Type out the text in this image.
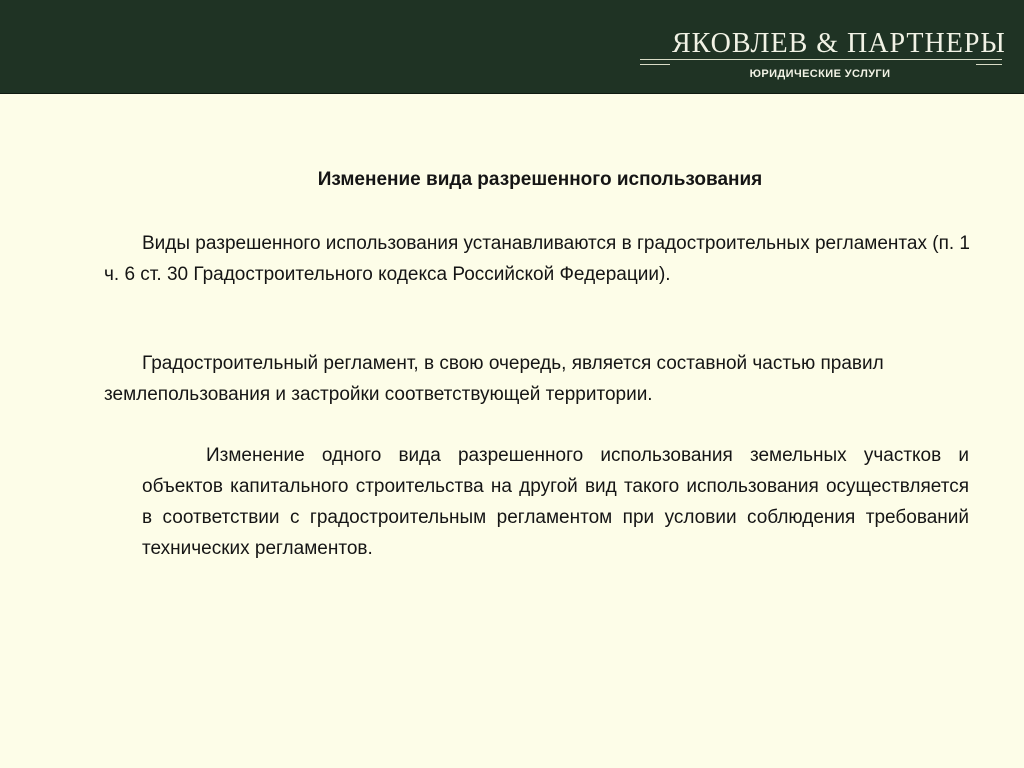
ЯКОВЛЕВ & ПАРТНЕРЫ
ЮРИДИЧЕСКИЕ УСЛУГИ
Изменение вида разрешенного использования
Виды разрешенного использования устанавливаются в градостроительных регламентах (п. 1 ч. 6 ст. 30 Градостроительного кодекса Российской Федерации).
Градостроительный регламент, в свою очередь, является составной частью правил землепользования и застройки соответствующей территории.
Изменение одного вида разрешенного использования земельных участков и объектов капитального строительства на другой вид такого использования осуществляется в соответствии с градостроительным регламентом при условии соблюдения требований технических регламентов.
